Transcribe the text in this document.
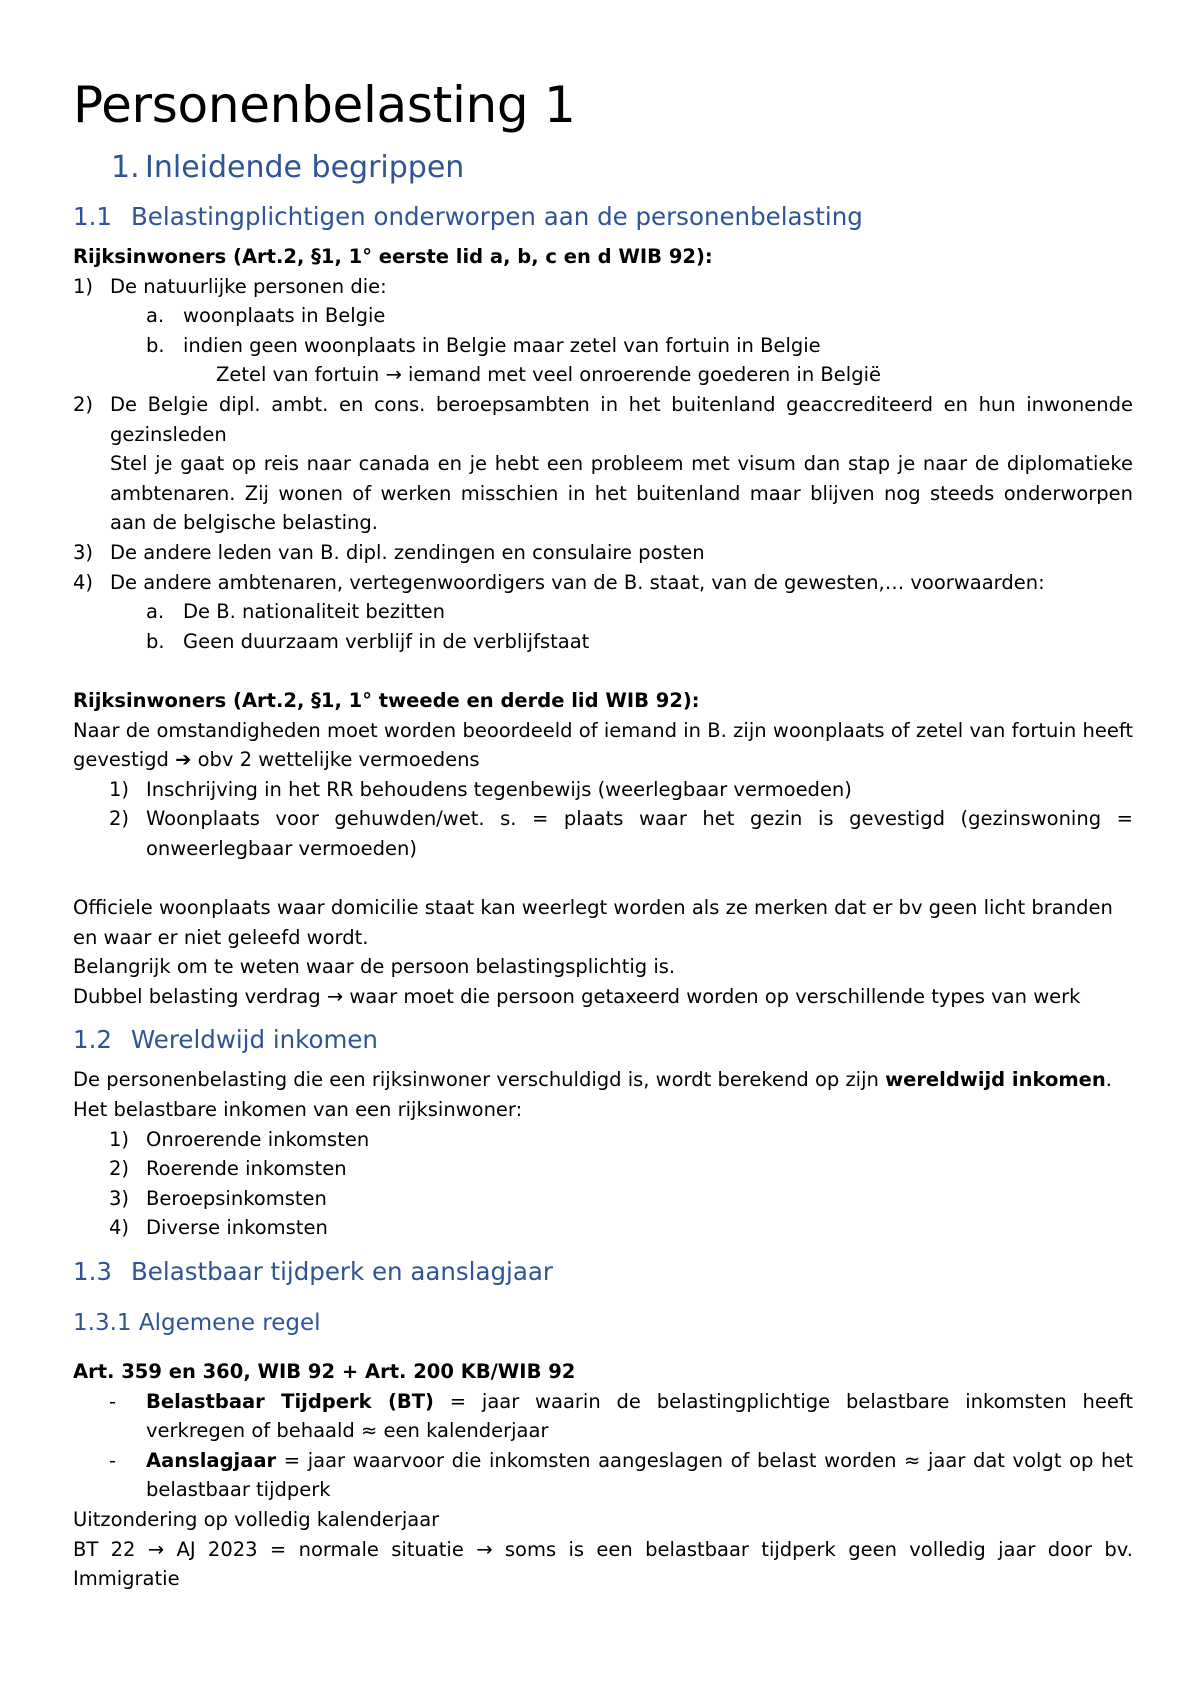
Personenbelasting 1
1. Inleidende begrippen
1.1 Belastingplichtigen onderworpen aan de personenbelasting

Rijksinwoners (Art.2, §1, 1° eerste lid a, b, c en d WIB 92):

1) De natuurlijke personen die:
a. woonplaats in Belgie
b. indien geen woonplaats in Belgie maar zetel van fortuin in Belgie

Zetel van fortuin → iemand met veel onroerende goederen in België

2) De Belgie dipl. ambt. en cons. beroepsambten in het buitenland geaccrediteerd en hun inwonende gezinsleden

Stel je gaat op reis naar canada en je hebt een probleem met visum dan stap je naar de diplomatieke ambtenaren. Zij wonen of werken misschien in het buitenland maar blijven nog steeds onderworpen aan de belgische belasting.

3) De andere leden van B. dipl. zendingen en consulaire posten
4) De andere ambtenaren, vertegenwoordigers van de B. staat, van de gewesten,… voorwaarden:
a. De B. nationaliteit bezitten
b. Geen duurzaam verblijf in de verblijfstaat

Rijksinwoners (Art.2, §1, 1° tweede en derde lid WIB 92):

Naar de omstandigheden moet worden beoordeeld of iemand in B. zijn woonplaats of zetel van fortuin heeft gevestigd ➔ obv 2 wettelijke vermoedens

1) Inschrijving in het RR behoudens tegenbewijs (weerlegbaar vermoeden)
2) Woonplaats voor gehuwden/wet. s. = plaats waar het gezin is gevestigd (gezinswoning = onweerlegbaar vermoeden)

Officiele woonplaats waar domicilie staat kan weerlegt worden als ze merken dat er bv geen licht branden en waar er niet geleefd wordt.

Belangrijk om te weten waar de persoon belastingsplichtig is.

Dubbel belasting verdrag → waar moet die persoon getaxeerd worden op verschillende types van werk

1.2 Wereldwijd inkomen

De personenbelasting die een rijksinwoner verschuldigd is, wordt berekend op zijn wereldwijd inkomen.

Het belastbare inkomen van een rijksinwoner:

1) Onroerende inkomsten
2) Roerende inkomsten
3) Beroepsinkomsten
4) Diverse inkomsten
1.3 Belastbaar tijdperk en aanslagjaar
1.3.1 Algemene regel

Art. 359 en 360, WIB 92 + Art. 200 KB/WIB 92

- Belastbaar Tijdperk (BT) = jaar waarin de belastingplichtige belastbare inkomsten heeft verkregen of behaald ≈ een kalenderjaar
- Aanslagjaar = jaar waarvoor die inkomsten aangeslagen of belast worden ≈ jaar dat volgt op het belastbaar tijdperk

Uitzondering op volledig kalenderjaar

BT 22 → AJ 2023 = normale situatie → soms is een belastbaar tijdperk geen volledig jaar door bv. Immigratie
